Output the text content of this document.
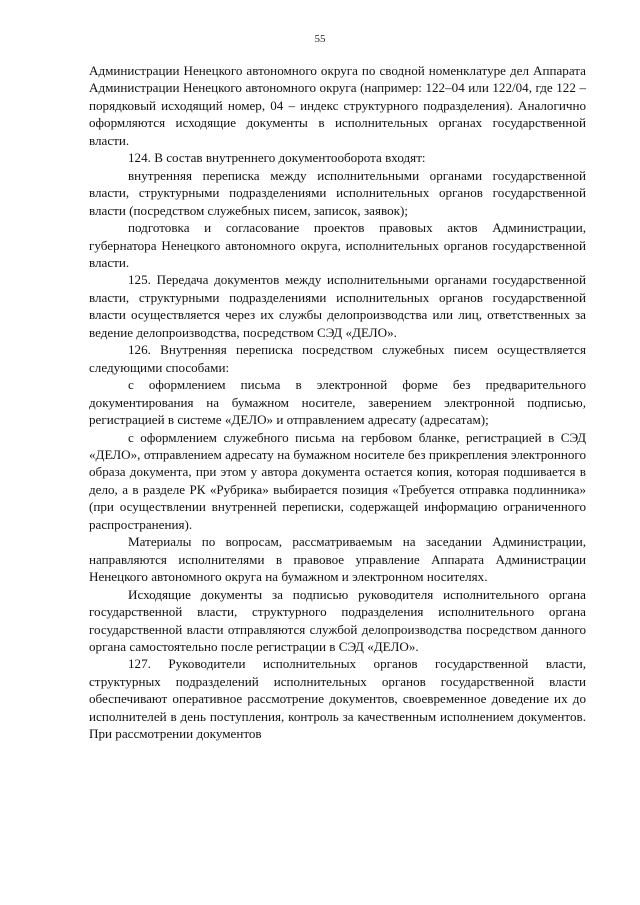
55

Администрации Ненецкого автономного округа по сводной номенклатуре дел Аппарата Администрации Ненецкого автономного округа (например: 122–04 или 122/04, где 122 – порядковый исходящий номер, 04 – индекс структурного подразделения). Аналогично оформляются исходящие документы в исполнительных органах государственной власти.

124. В состав внутреннего документооборота входят:

внутренняя переписка между исполнительными органами государственной власти, структурными подразделениями исполнительных органов государственной власти (посредством служебных писем, записок, заявок);

подготовка и согласование проектов правовых актов Администрации, губернатора Ненецкого автономного округа, исполнительных органов государственной власти.

125. Передача документов между исполнительными органами государственной власти, структурными подразделениями исполнительных органов государственной власти осуществляется через их службы делопроизводства или лиц, ответственных за ведение делопроизводства, посредством СЭД «ДЕЛО».

126. Внутренняя переписка посредством служебных писем осуществляется следующими способами:

с оформлением письма в электронной форме без предварительного документирования на бумажном носителе, заверением электронной подписью, регистрацией в системе «ДЕЛО» и отправлением адресату (адресатам);

с оформлением служебного письма на гербовом бланке, регистрацией в СЭД «ДЕЛО», отправлением адресату на бумажном носителе без прикрепления электронного образа документа, при этом у автора документа остается копия, которая подшивается в дело, а в разделе РК «Рубрика» выбирается позиция «Требуется отправка подлинника» (при осуществлении внутренней переписки, содержащей информацию ограниченного распространения).

Материалы по вопросам, рассматриваемым на заседании Администрации, направляются исполнителями в правовое управление Аппарата Администрации Ненецкого автономного округа на бумажном и электронном носителях.

Исходящие документы за подписью руководителя исполнительного органа государственной власти, структурного подразделения исполнительного органа государственной власти отправляются службой делопроизводства посредством данного органа самостоятельно после регистрации в СЭД «ДЕЛО».

127. Руководители исполнительных органов государственной власти, структурных подразделений исполнительных органов государственной власти обеспечивают оперативное рассмотрение документов, своевременное доведение их до исполнителей в день поступления, контроль за качественным исполнением документов. При рассмотрении документов
